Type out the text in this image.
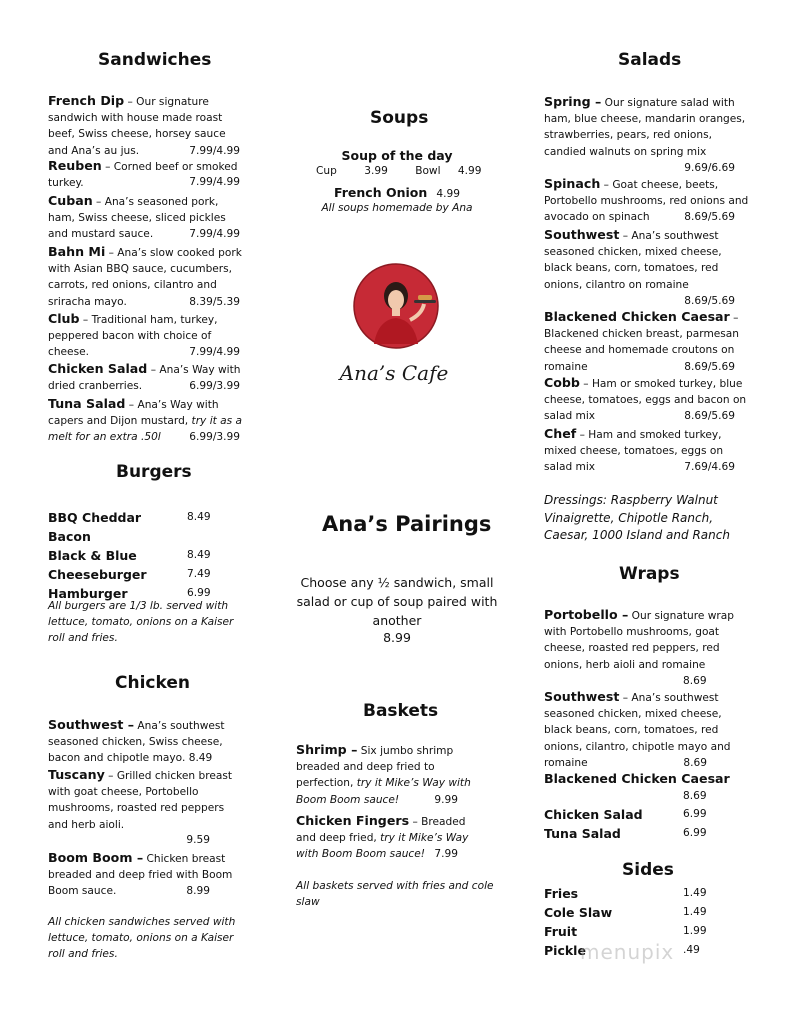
Sandwiches
French Dip – Our signature sandwich with house made roast beef, Swiss cheese, horsey sauce and Ana’s au jus.	7.99/4.99
Reuben – Corned beef or smoked turkey.	7.99/4.99
Cuban – Ana’s seasoned pork, ham, Swiss cheese, sliced pickles and mustard sauce.	7.99/4.99
Bahn Mi – Ana’s slow cooked pork with Asian BBQ sauce, cucumbers, carrots, red onions, cilantro and sriracha mayo.	8.39/5.39
Club – Traditional ham, turkey, peppered bacon with choice of cheese.	7.99/4.99
Chicken Salad – Ana’s Way with dried cranberries.	6.99/3.99
Tuna Salad – Ana’s Way with capers and Dijon mustard, try it as a melt for an extra .50l	6.99/3.99
Burgers
BBQ Cheddar Bacon
8.49
Black & Blue	8.49
Cheeseburger	7.49
Hamburger	6.99
All burgers are 1/3 lb. served with lettuce, tomato, onions on a Kaiser roll and fries.
Chicken
Southwest – Ana’s southwest seasoned chicken, Swiss cheese, bacon and chipotle mayo. 8.49
Tuscany – Grilled chicken breast with goat cheese, Portobello mushrooms, roasted red peppers and herb aioli.
9.59
Boom Boom – Chicken breast breaded and deep fried with Boom Boom sauce.	8.99
All chicken sandwiches served with lettuce, tomato, onions on a Kaiser roll and fries.
Soups
Soup of the day
Cup	3.99	Bowl 4.99
French Onion 4.99
All soups homemade by Ana
Ana’s Cafe
Ana’s Pairings
Choose any ½ sandwich, small salad or cup of soup paired with another
8.99
Baskets
Shrimp – Six jumbo shrimp breaded and deep fried to perfection, try it Mike’s Way with Boom Boom sauce!	9.99
Chicken Fingers – Breaded and deep fried, try it Mike’s Way with Boom Boom sauce! 7.99
All baskets served with fries and cole slaw
Salads
Spring – Our signature salad with ham, blue cheese, mandarin oranges, strawberries, pears, red onions, candied walnuts on spring mix
9.69/6.69
Spinach – Goat cheese, beets, Portobello mushrooms, red onions and avocado on spinach	8.69/5.69
Southwest – Ana’s southwest seasoned chicken, mixed cheese, black beans, corn, tomatoes, red onions, cilantro on romaine
8.69/5.69
Blackened Chicken Caesar – Blackened chicken breast, parmesan cheese and homemade croutons on romaine	8.69/5.69
Cobb – Ham or smoked turkey, blue cheese, tomatoes, eggs and bacon on salad mix	8.69/5.69
Chef – Ham and smoked turkey, mixed cheese, tomatoes, eggs on salad mix	7.69/4.69
Dressings: Raspberry Walnut Vinaigrette, Chipotle Ranch, Caesar, 1000 Island and Ranch
Wraps
Portobello – Our signature wrap with Portobello mushrooms, goat cheese, roasted red peppers, red onions, herb aioli and romaine
8.69
Southwest – Ana’s southwest seasoned chicken, mixed cheese, black beans, corn, tomatoes, red onions, cilantro, chipotle mayo and romaine	8.69
Blackened Chicken Caesar
8.69
Chicken Salad	6.99
Tuna Salad	6.99
Sides
Fries	1.49
Cole Slaw	1.49
Fruit	1.99
Pickle	.49
menupix
